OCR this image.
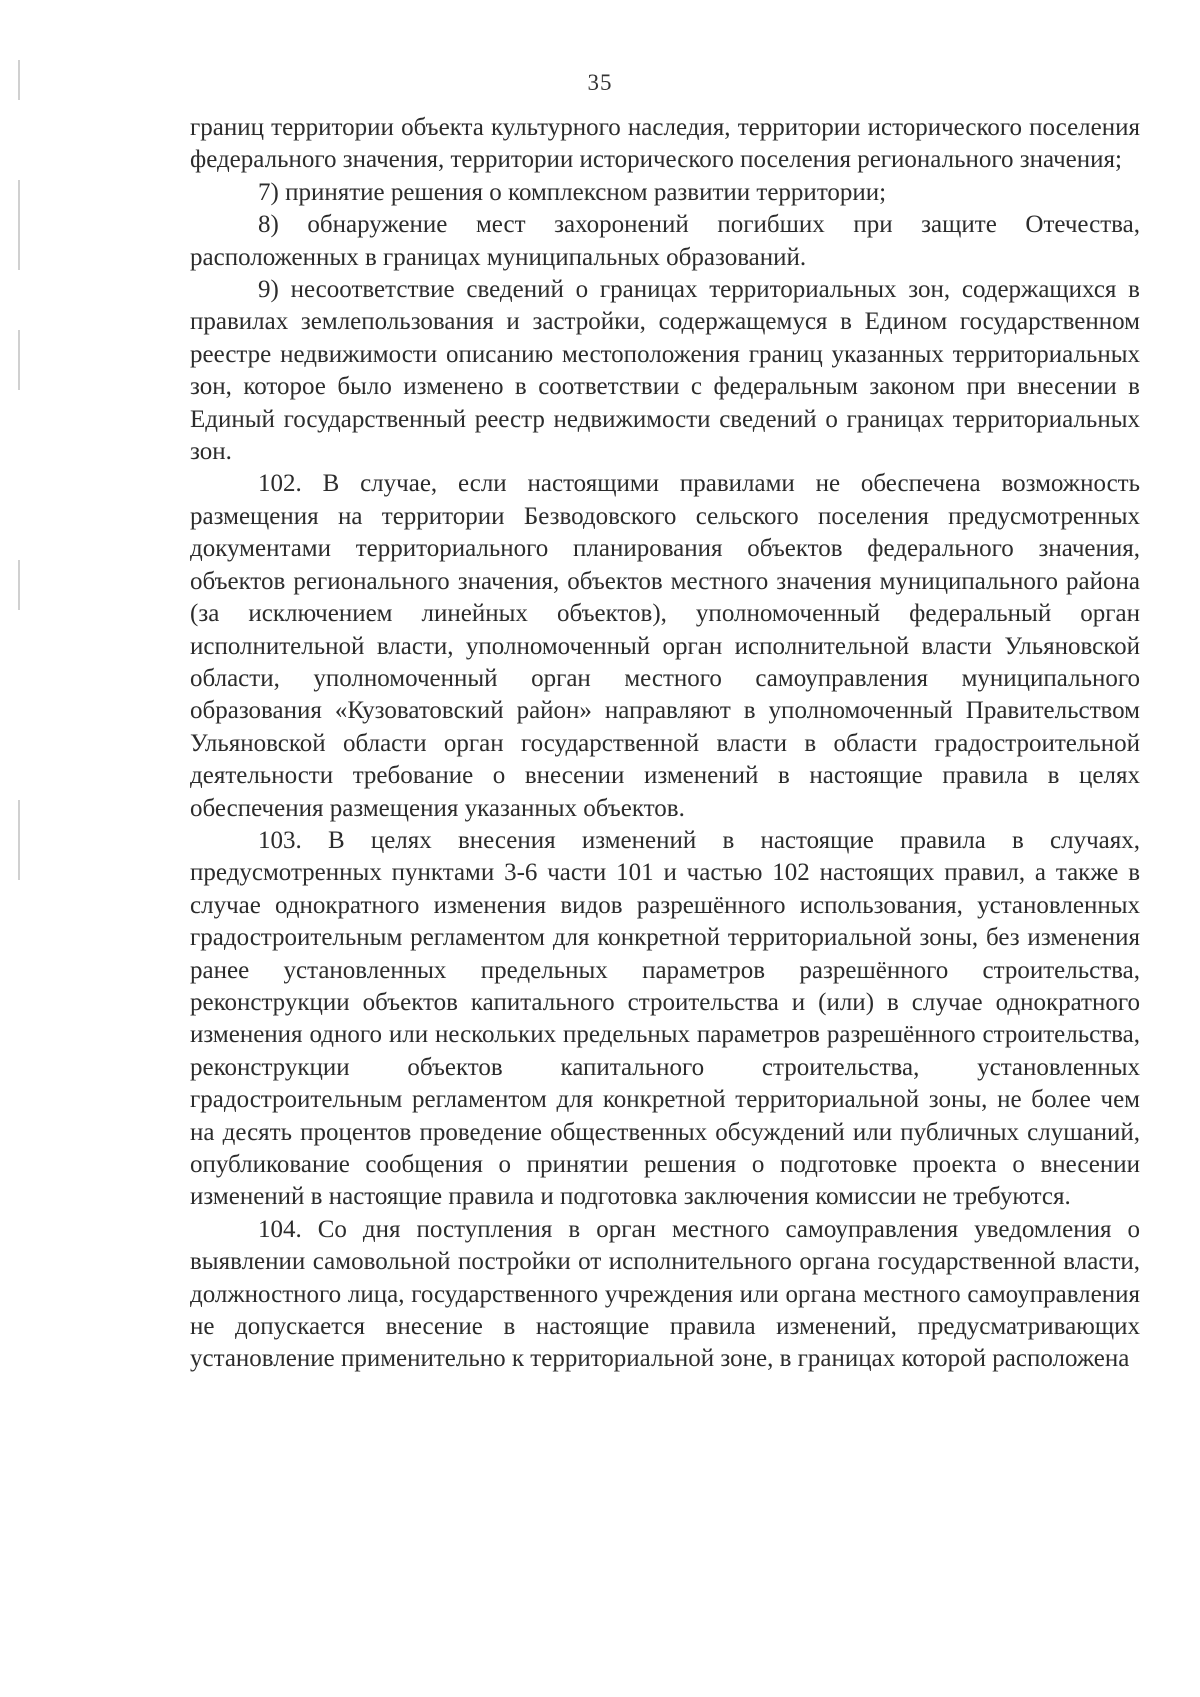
35

границ территории объекта культурного наследия, территории исторического поселения федерального значения, территории исторического поселения регионального значения;

7) принятие решения о комплексном развитии территории;

8) обнаружение мест захоронений погибших при защите Отечества, расположенных в границах муниципальных образований.

9) несоответствие сведений о границах территориальных зон, содержащихся в правилах землепользования и застройки, содержащемуся в Едином государственном реестре недвижимости описанию местоположения границ указанных территориальных зон, которое было изменено в соответствии с федеральным законом при внесении в Единый государственный реестр недвижимости сведений о границах территориальных зон.

102. В случае, если настоящими правилами не обеспечена возможность размещения на территории Безводовского сельского поселения предусмотренных документами территориального планирования объектов федерального значения, объектов регионального значения, объектов местного значения муниципального района (за исключением линейных объектов), уполномоченный федеральный орган исполнительной власти, уполномоченный орган исполнительной власти Ульяновской области, уполномоченный орган местного самоуправления муниципального образования «Кузоватовский район» направляют в уполномоченный Правительством Ульяновской области орган государственной власти в области градостроительной деятельности требование о внесении изменений в настоящие правила в целях обеспечения размещения указанных объектов.

103. В целях внесения изменений в настоящие правила в случаях, предусмотренных пунктами 3-6 части 101 и частью 102 настоящих правил, а также в случае однократного изменения видов разрешённого использования, установленных градостроительным регламентом для конкретной территориальной зоны, без изменения ранее установленных предельных параметров разрешённого строительства, реконструкции объектов капитального строительства и (или) в случае однократного изменения одного или нескольких предельных параметров разрешённого строительства, реконструкции объектов капитального строительства, установленных градостроительным регламентом для конкретной территориальной зоны, не более чем на десять процентов проведение общественных обсуждений или публичных слушаний, опубликование сообщения о принятии решения о подготовке проекта о внесении изменений в настоящие правила и подготовка заключения комиссии не требуются.

104. Со дня поступления в орган местного самоуправления уведомления о выявлении самовольной постройки от исполнительного органа государственной власти, должностного лица, государственного учреждения или органа местного самоуправления не допускается внесение в настоящие правила изменений, предусматривающих установление применительно к территориальной зоне, в границах которой расположена
